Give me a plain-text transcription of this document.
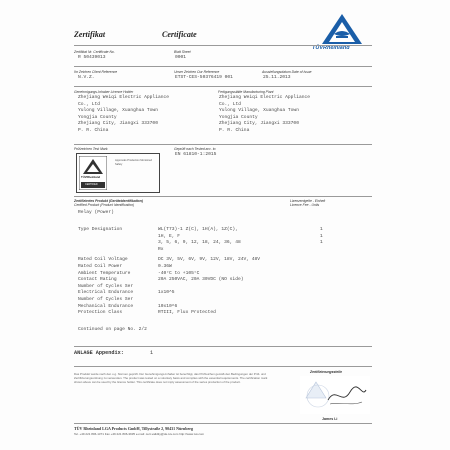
Zertifikat	Certificate
TÜVRheinland
Zertifikat Nr. Certificate No.
R 50439013
Blatt Sheet
0001
Ihr Zeichen Client Reference
N.V.Z.
Unser Zeichen Our Reference
ETST-CES-50376419 001
Ausstellungsdatum Date of Issue
25.11.2013
Genehmigungs-Inhaber Licence Holder
Zhejiang Weiqi Electric Appliance
Co., Ltd
Yulong Village, Xuanghua Town
Yongjia County
Zhejiang City, Jiangxi 333700
P. R. China
Fertigungsstätte Manufacturing Plant
Zhejiang Weiqi Electric Appliance
Co., Ltd
Yulong Village, Xuanghua Town
Yongjia County
Zhejiang City, Jiangxi 333700
P. R. China
Prüfzeichen Test Mark
TÜVRheinland
CERTIFIED
Approvals Production Monitored Safety
Geprüft nach Tested acc. to
EN 61810-1:2015
Zertifiziertes Produkt (Geräteidentifikation)
Certified Product (Product Identification)
Lizenzentgelte - Einheit
Licence Fee - Units
Relay (Power)
Type Designation	WL(T73)-1 Z(C), 1H(A), 1Z(C),	1
1H, E, F	1
3, 5, 6, 9, 12, 18, 24, 36, 48	1
Rx
Rated Coil Voltage	DC 3V, 5V, 6V, 9V, 12V, 18V, 24V, 48V
Rated Coil Power	0.36W
Ambient Temperature	-40°C to +105°C
Contact Rating	20A 250VAC, 20A 30VDC (NO side)
Number of Cycles Ser
Electrical Endurance	1x10^5
Number of Cycles Ser
Mechanical Endurance	10x10^6
Protection Class	RTIII, Flux Protected
Continued on page No. 2/2
ANLAGE Appendix:	1
Das Produkt wurde nach den o.g. Normen geprüft. Der Genehmigungs-Inhaber ist berechtigt, das Prüfzeichen gemäß den Bedingungen der Prüf- und Zertifizierungsordnung zu verwenden. The product was tested on a voluntary basis and complies with the essential requirements. The certification mark shown above can be used by the licence holder. This certificate does not imply assessment of the series production of the product.
Zertifizierungsstelle
James Li
TÜV Rheinland LGA Products GmbH, Tillystraße 2, 90431 Nürnberg
Tel. +49 221 806-1371 Fax +49 221 806-3935 e-mail: cert-validity@de.tuv.com http://www.tuv.com
